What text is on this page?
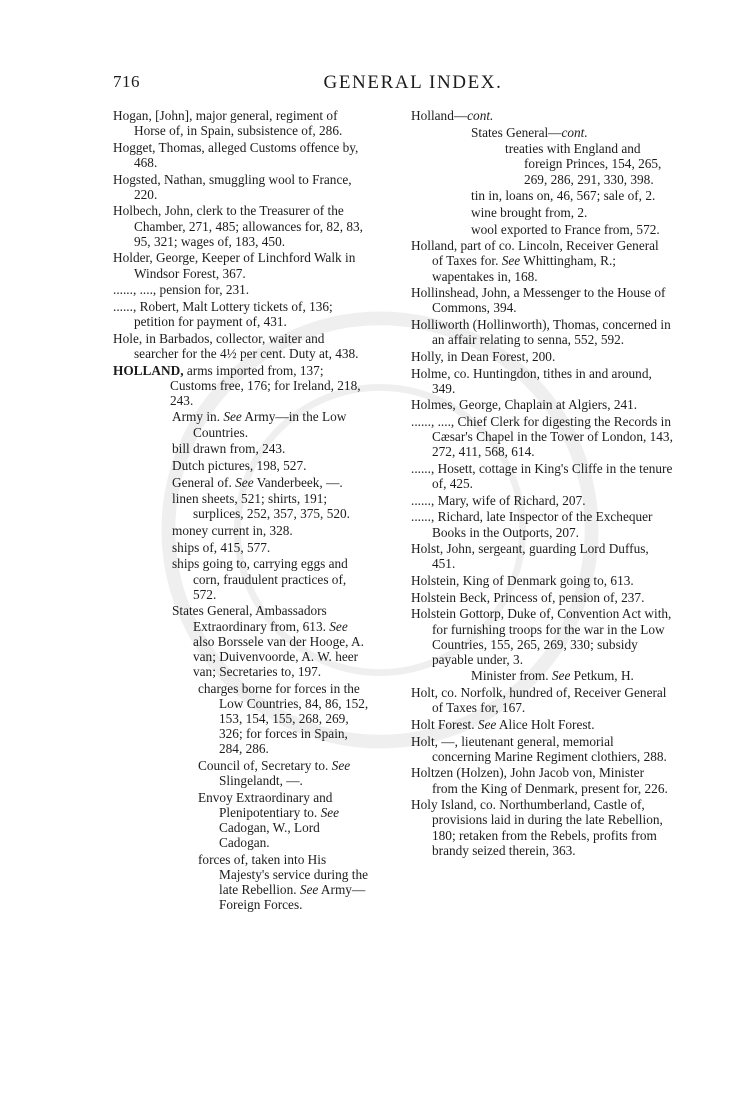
716	GENERAL INDEX.

Hogan, [John], major general, regiment of Horse of, in Spain, subsistence of, 286.

Hogget, Thomas, alleged Customs offence by, 468.

Hogsted, Nathan, smuggling wool to France, 220.

Holbech, John, clerk to the Treasurer of the Chamber, 271, 485; allowances for, 82, 83, 95, 321; wages of, 183, 450.

Holder, George, Keeper of Linchford Walk in Windsor Forest, 367.

......, ...., pension for, 231.

......, Robert, Malt Lottery tickets of, 136; petition for payment of, 431.

Hole, in Barbados, collector, waiter and searcher for the 4½ per cent. Duty at, 438.

HOLLAND, arms imported from, 137; Customs free, 176; for Ireland, 218, 243.

Army in. See Army—in the Low Countries.

bill drawn from, 243.

Dutch pictures, 198, 527.

General of. See Vanderbeek, —.

linen sheets, 521; shirts, 191; surplices, 252, 357, 375, 520.

money current in, 328.

ships of, 415, 577.

ships going to, carrying eggs and corn, fraudulent practices of, 572.

States General, Ambassadors Extraordinary from, 613. See also Borssele van der Hooge, A. van; Duivenvoorde, A. W. heer van; Secretaries to, 197.

charges borne for forces in the Low Countries, 84, 86, 152, 153, 154, 155, 268, 269, 326; for forces in Spain, 284, 286.

Council of, Secretary to. See Slingelandt, —.

Envoy Extraordinary and Plenipotentiary to. See Cadogan, W., Lord Cadogan.

forces of, taken into His Majesty's service during the late Rebellion. See Army—Foreign Forces.

Holland—cont.

States General—cont.

treaties with England and foreign Princes, 154, 265, 269, 286, 291, 330, 398.

tin in, loans on, 46, 567; sale of, 2.

wine brought from, 2.

wool exported to France from, 572.

Holland, part of co. Lincoln, Receiver General of Taxes for. See Whittingham, R.; wapentakes in, 168.

Hollinshead, John, a Messenger to the House of Commons, 394.

Holliworth (Hollinworth), Thomas, concerned in an affair relating to senna, 552, 592.

Holly, in Dean Forest, 200.

Holme, co. Huntingdon, tithes in and around, 349.

Holmes, George, Chaplain at Algiers, 241.

......, ...., Chief Clerk for digesting the Records in Cæsar's Chapel in the Tower of London, 143, 272, 411, 568, 614.

......, Hosett, cottage in King's Cliffe in the tenure of, 425.

......, Mary, wife of Richard, 207.

......, Richard, late Inspector of the Exchequer Books in the Outports, 207.

Holst, John, sergeant, guarding Lord Duffus, 451.

Holstein, King of Denmark going to, 613.

Holstein Beck, Princess of, pension of, 237.

Holstein Gottorp, Duke of, Convention Act with, for furnishing troops for the war in the Low Countries, 155, 265, 269, 330; subsidy payable under, 3.

Minister from. See Petkum, H.

Holt, co. Norfolk, hundred of, Receiver General of Taxes for, 167.

Holt Forest. See Alice Holt Forest.

Holt, —, lieutenant general, memorial concerning Marine Regiment clothiers, 288.

Holtzen (Holzen), John Jacob von, Minister from the King of Denmark, present for, 226.

Holy Island, co. Northumberland, Castle of, provisions laid in during the late Rebellion, 180; retaken from the Rebels, profits from brandy seized therein, 363.
